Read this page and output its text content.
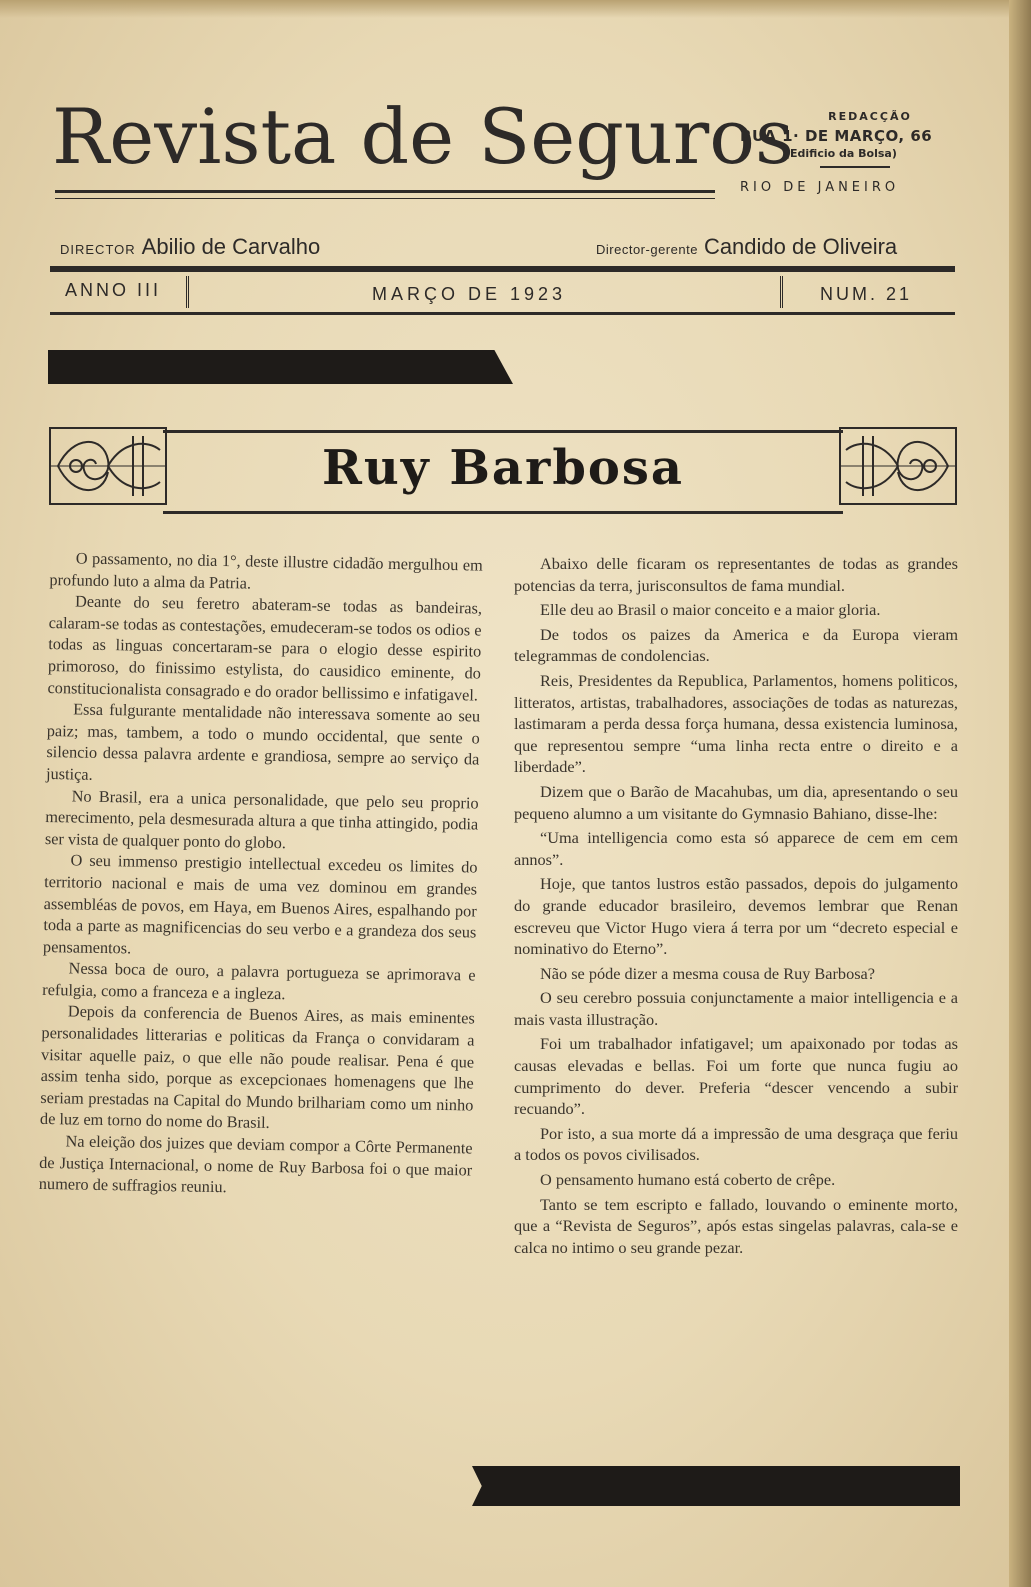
Revista de Seguros	REDACÇÃO
RUA 1· DE MARÇO, 66
(Edificio da Bolsa)
RIO DE JANEIRO
DIRECTOR Abilio de Carvalho	Director-gerente Candido de Oliveira
ANNO III	MARÇO DE 1923	NUM. 21
Ruy Barbosa

O passamento, no dia 1°, deste illustre cidadão mergulhou em profundo luto a alma da Patria.

Deante do seu feretro abateram-se todas as bandeiras, calaram-se todas as contestações, emudeceram-se todos os odios e todas as linguas concertaram-se para o elogio desse espirito primoroso, do finissimo estylista, do causidico eminente, do constitucionalista consagrado e do orador bellissimo e infatigavel.

Essa fulgurante mentalidade não interessava somente ao seu paiz; mas, tambem, a todo o mundo occidental, que sente o silencio dessa palavra ardente e grandiosa, sempre ao serviço da justiça.

No Brasil, era a unica personalidade, que pelo seu proprio merecimento, pela desmesurada altura a que tinha attingido, podia ser vista de qualquer ponto do globo.

O seu immenso prestigio intellectual excedeu os limites do territorio nacional e mais de uma vez dominou em grandes assembléas de povos, em Haya, em Buenos Aires, espalhando por toda a parte as magnificencias do seu verbo e a grandeza dos seus pensamentos.

Nessa boca de ouro, a palavra portugueza se aprimorava e refulgia, como a franceza e a ingleza.

Depois da conferencia de Buenos Aires, as mais eminentes personalidades litterarias e politicas da França o convidaram a visitar aquelle paiz, o que elle não poude realisar. Pena é que assim tenha sido, porque as excepcionaes homenagens que lhe seriam prestadas na Capital do Mundo brilhariam como um ninho de luz em torno do nome do Brasil.

Na eleição dos juizes que deviam compor a Côrte Permanente de Justiça Internacional, o nome de Ruy Barbosa foi o que maior numero de suffragios reuniu.

Abaixo delle ficaram os representantes de todas as grandes potencias da terra, jurisconsultos de fama mundial.

Elle deu ao Brasil o maior conceito e a maior gloria.

De todos os paizes da America e da Europa vieram telegrammas de condolencias.

Reis, Presidentes da Republica, Parlamentos, homens politicos, litteratos, artistas, trabalhadores, associações de todas as naturezas, lastimaram a perda dessa força humana, dessa existencia luminosa, que representou sempre “uma linha recta entre o direito e a liberdade”.

Dizem que o Barão de Macahubas, um dia, apresentando o seu pequeno alumno a um visitante do Gymnasio Bahiano, disse-lhe:

“Uma intelligencia como esta só apparece de cem em cem annos”.

Hoje, que tantos lustros estão passados, depois do julgamento do grande educador brasileiro, devemos lembrar que Renan escreveu que Victor Hugo viera á terra por um “decreto especial e nominativo do Eterno”.

Não se póde dizer a mesma cousa de Ruy Barbosa?

O seu cerebro possuia conjunctamente a maior intelligencia e a mais vasta illustração.

Foi um trabalhador infatigavel; um apaixonado por todas as causas elevadas e bellas. Foi um forte que nunca fugiu ao cumprimento do dever. Preferia “descer vencendo a subir recuando”.

Por isto, a sua morte dá a impressão de uma desgraça que feriu a todos os povos civilisados.

O pensamento humano está coberto de crêpe.

Tanto se tem escripto e fallado, louvando o eminente morto, que a “Revista de Seguros”, após estas singelas palavras, cala-se e calca no intimo o seu grande pezar.
